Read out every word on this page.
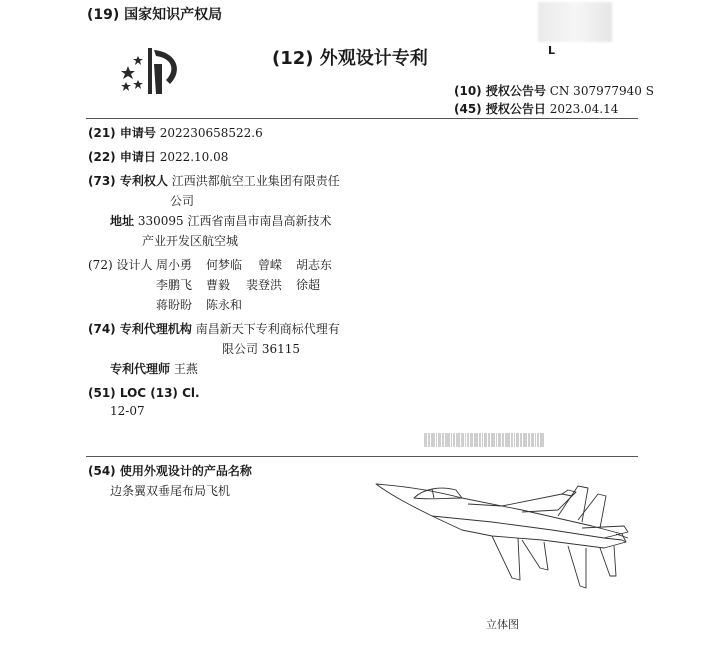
(19) 国家知识产权局
L
(12) 外观设计专利
(10) 授权公告号 CN 307977940 S
(45) 授权公告日 2023.04.14
(21) 申请号 202230658522.6
(22) 申请日 2022.10.08
(73) 专利权人 江西洪都航空工业集团有限责任
公司
地址 330095 江西省南昌市南昌高新技术
产业开发区航空城
(72) 设计人 周小勇 何梦临 曾嵘 胡志东
李鹏飞 曹毅 裴登洪 徐超
蒋盼盼 陈永和
(74) 专利代理机构 南昌新天下专利商标代理有
限公司 36115
专利代理师 王燕
(51) LOC (13) Cl.
12-07
(54) 使用外观设计的产品名称
边条翼双垂尾布局飞机
立体图
